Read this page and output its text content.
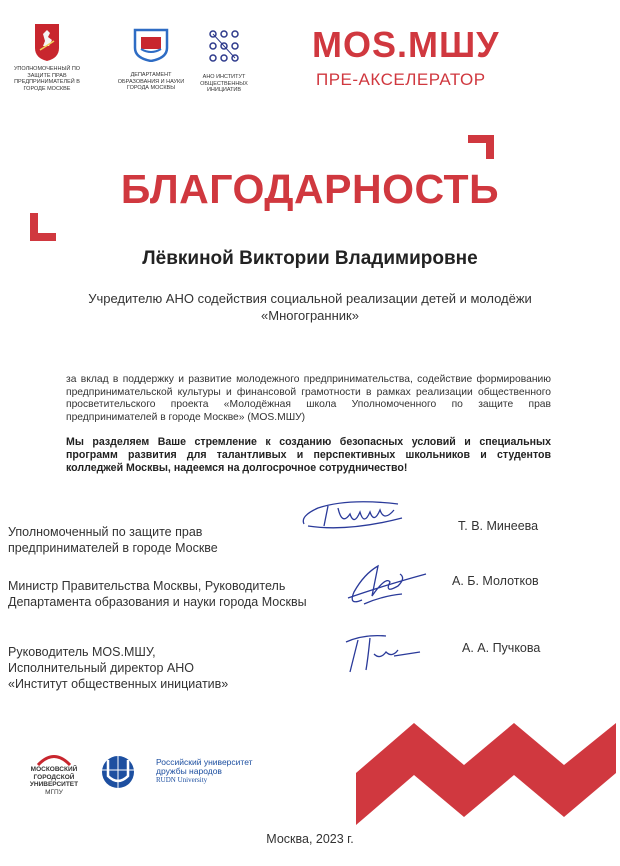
УПОЛНОМОЧЕННЫЙ ПО ЗАЩИТЕ ПРАВ ПРЕДПРИНИМАТЕЛЕЙ В ГОРОДЕ МОСКВЕ
ДЕПАРТАМЕНТ ОБРАЗОВАНИЯ И НАУКИ ГОРОДА МОСКВЫ
АНО ИНСТИТУТ ОБЩЕСТВЕННЫХ ИНИЦИАТИВ
MOS.МШУ
ПРЕ-АКСЕЛЕРАТОР
БЛАГОДАРНОСТЬ
Лёвкиной Виктории Владимировне
Учредителю АНО содействия социальной реализации детей и молодёжи «Многогранник»
за вклад в поддержку и развитие молодежного предпринимательства, содействие формированию предпринимательской культуры и финансовой грамотности в рамках реализации общественного просветительского проекта «Молодёжная школа Уполномоченного по защите прав предпринимателей в городе Москве» (MOS.МШУ)
Мы разделяем Ваше стремление к созданию безопасных условий и специальных программ развития для талантливых и перспективных школьников и студентов колледжей Москвы, надеемся на долгосрочное сотрудничество!
Уполномоченный по защите прав
предпринимателей в городе Москве
Т. В. Минеева
Министр Правительства Москвы, Руководитель
Департамента образования и науки города Москвы
А. Б. Молотков
Руководитель MOS.МШУ,
Исполнительный директор АНО
«Институт общественных инициатив»
А. А. Пучкова
МОСКОВСКИЙ
ГОРОДСКОЙ
УНИВЕРСИТЕТ
МГПУ
Российский университет
дружбы народов
RUDN University
Москва, 2023 г.
